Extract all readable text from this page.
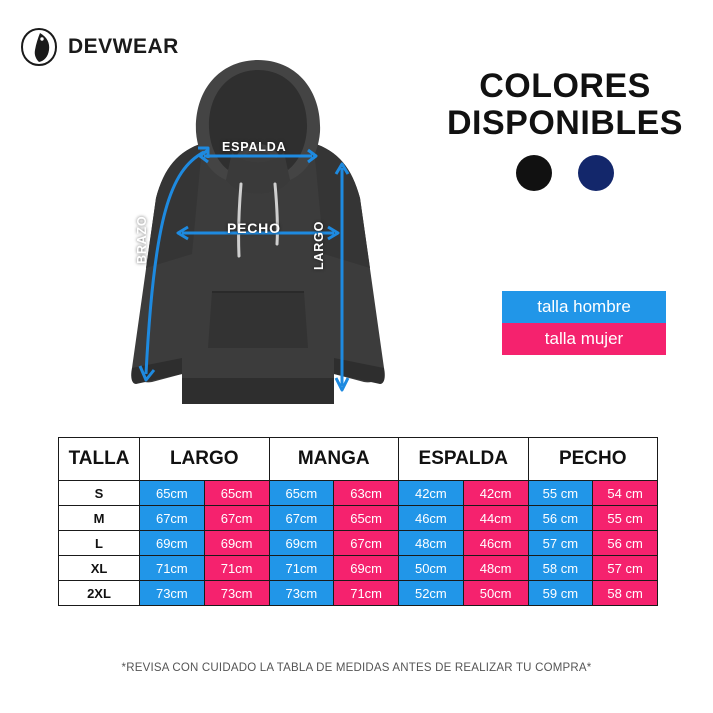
DEVWEAR
ESPALDA
PECHO
BRAZO	LARGO
COLORES
DISPONIBLES
talla hombre
talla mujer
TALLA	LARGO		MANGA		ESPALDA		PECHO	
S	65cm	65cm	65cm	63cm	42cm	42cm	55 cm	54 cm
M	67cm	67cm	67cm	65cm	46cm	44cm	56 cm	55 cm
L	69cm	69cm	69cm	67cm	48cm	46cm	57 cm	56 cm
XL	71cm	71cm	71cm	69cm	50cm	48cm	58 cm	57 cm
2XL	73cm	73cm	73cm	71cm	52cm	50cm	59 cm	58 cm
*REVISA CON CUIDADO LA TABLA DE MEDIDAS ANTES DE REALIZAR TU COMPRA*
